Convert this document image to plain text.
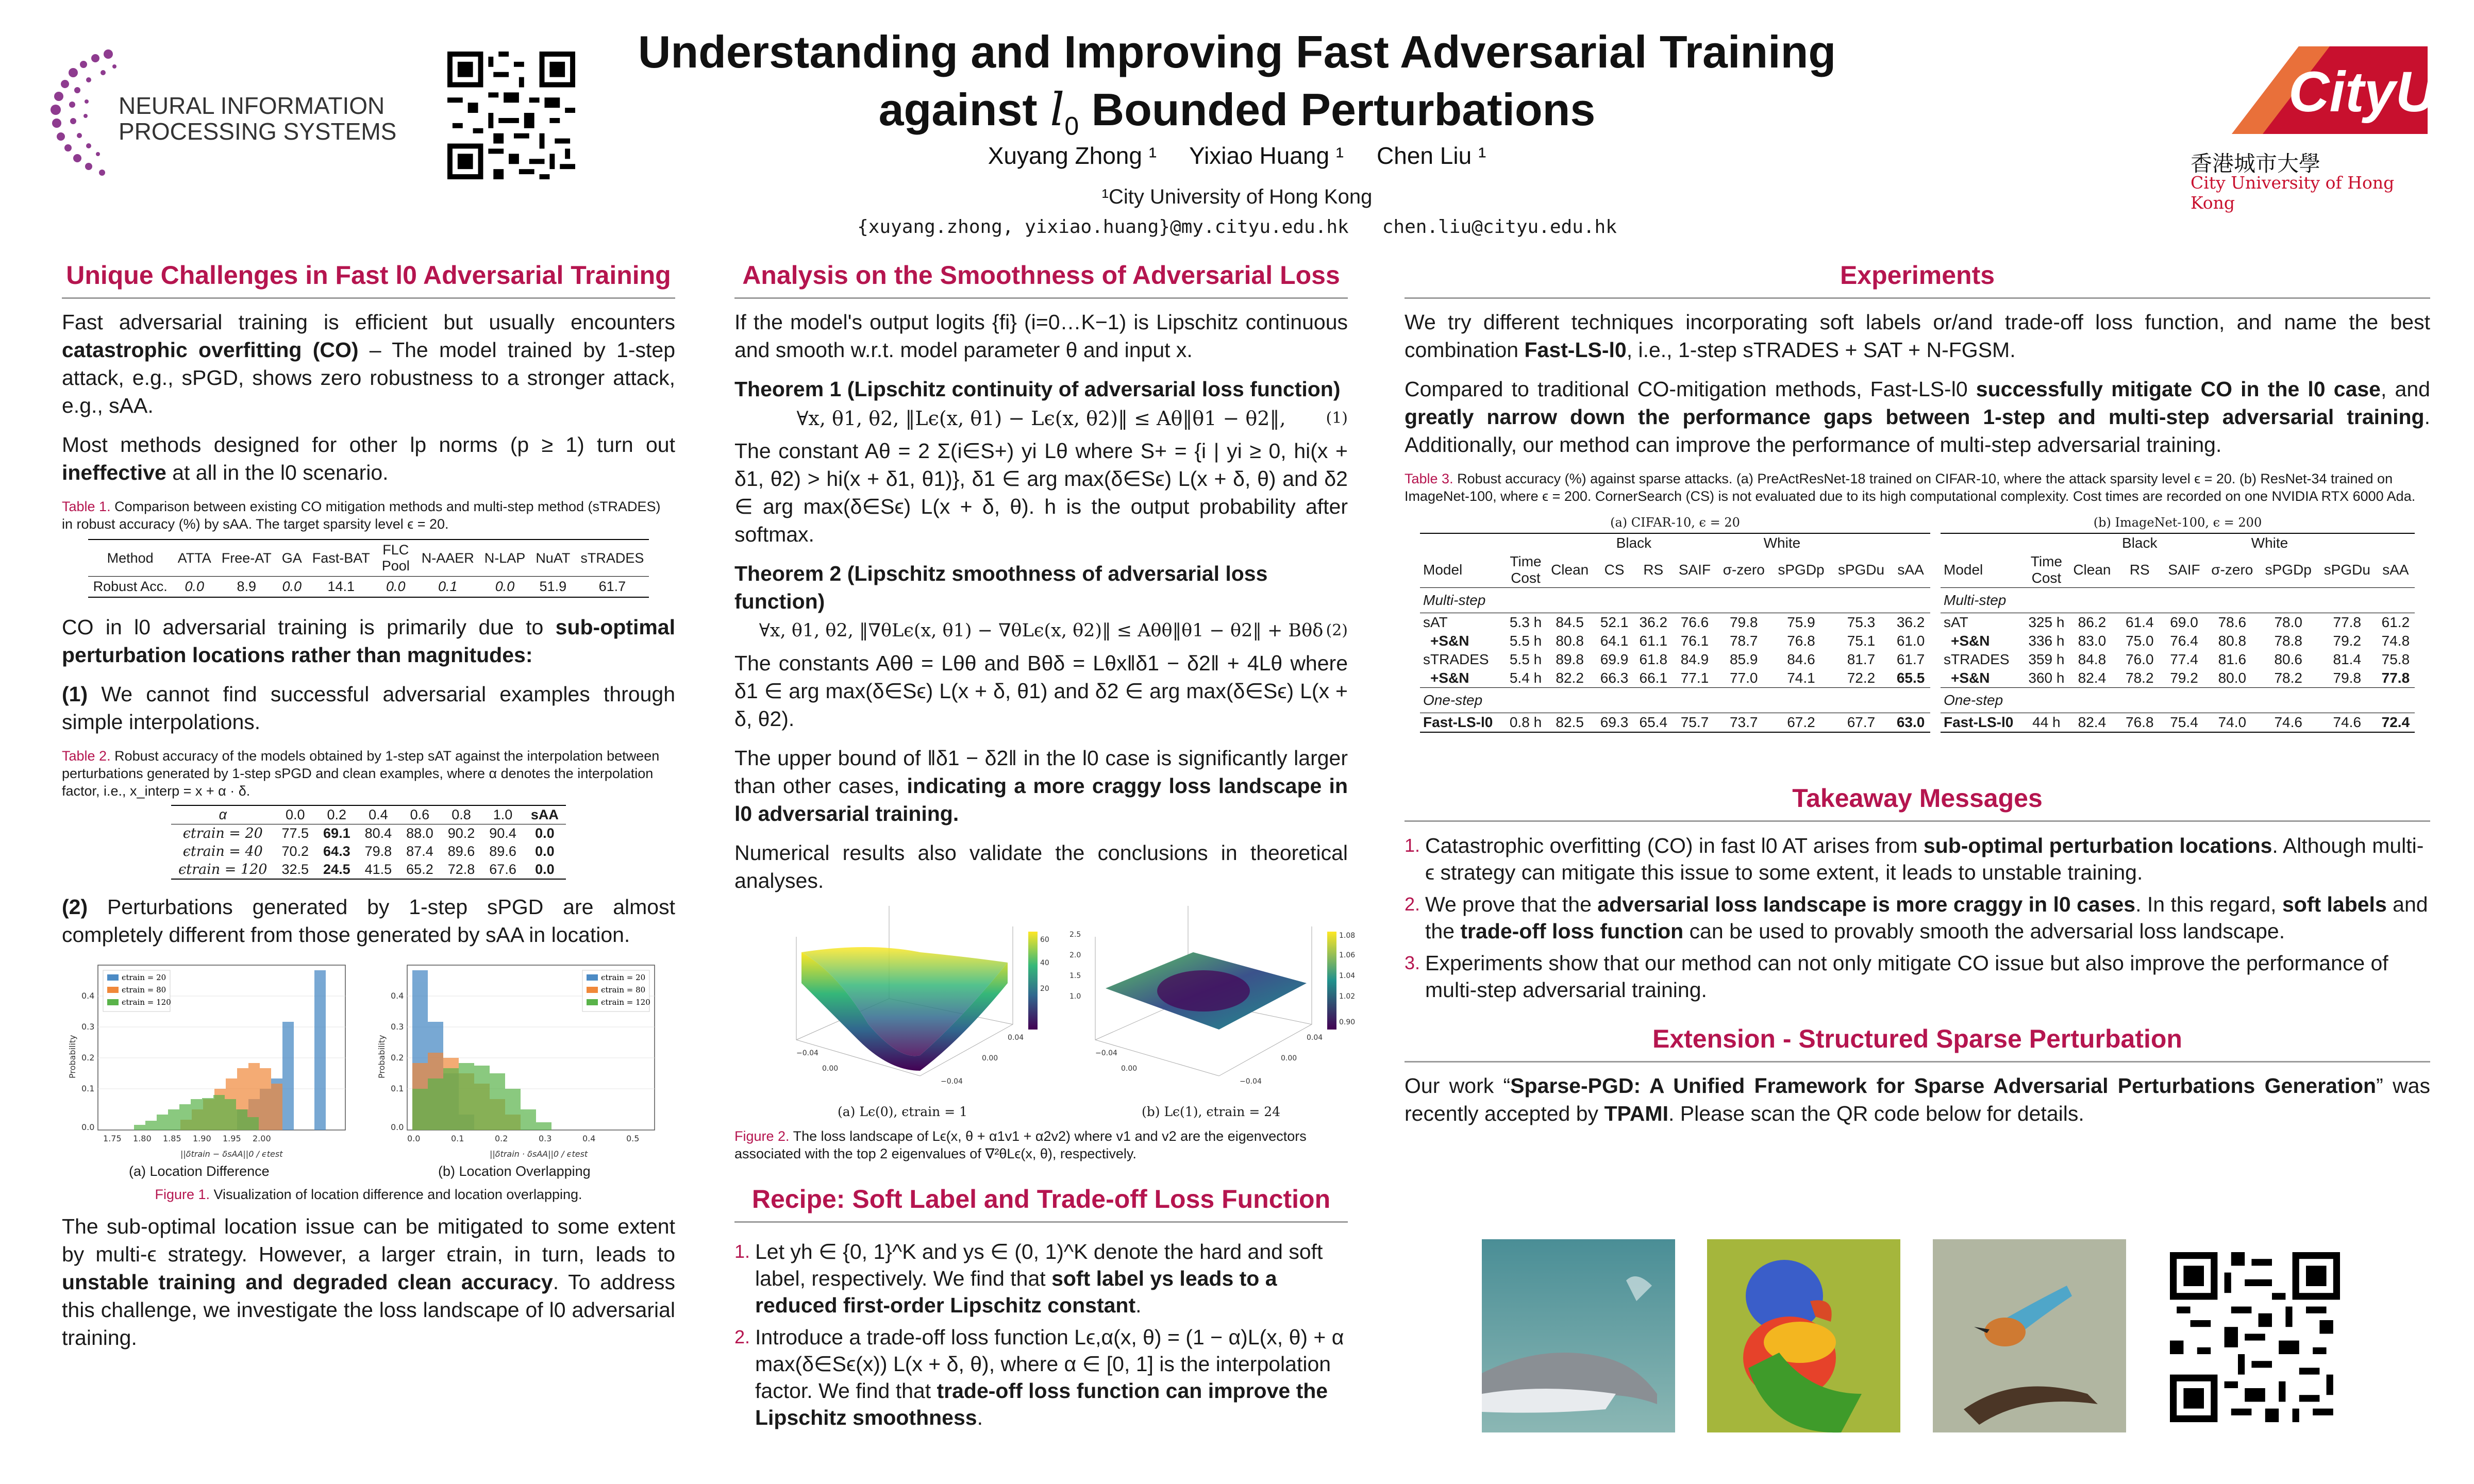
NEURAL INFORMATION
PROCESSING SYSTEMS
Understanding and Improving Fast Adversarial Training
against $l_0$ Bounded Perturbations
Xuyang Zhong ¹     Yixiao Huang ¹     Chen Liu ¹
¹City University of Hong Kong
{xuyang.zhong, yixiao.huang}@my.cityu.edu.hk   chen.liu@cityu.edu.hk
CityU
香港城市大學
City University of Hong Kong
Unique Challenges in Fast l0 Adversarial Training
Fast adversarial training is efficient but usually encounters catastrophic overfitting (CO) – The model trained by 1-step attack, e.g., sPGD, shows zero robustness to a stronger attack, e.g., sAA.
Most methods designed for other lp norms (p ≥ 1) turn out ineffective at all in the l0 scenario.
Table 1. Comparison between existing CO mitigation methods and multi-step method (sTRADES) in robust accuracy (%) by sAA. The target sparsity level ϵ = 20.
Method	ATTA	Free-AT	GA	Fast-BAT	FLC Pool	N-AAER	N-LAP	NuAT	sTRADES
Robust Acc.	0.0	8.9	0.0	14.1	0.0	0.1	0.0	51.9	61.7
CO in l0 adversarial training is primarily due to sub-optimal perturbation locations rather than magnitudes:
(1) We cannot find successful adversarial examples through simple interpolations.
Table 2. Robust accuracy of the models obtained by 1-step sAT against the interpolation between perturbations generated by 1-step sPGD and clean examples, where α denotes the interpolation factor, i.e., x_interp = x + α · δ.
α	0.0	0.2	0.4	0.6	0.8	1.0	sAA
ϵtrain = 20	77.5	69.1	80.4	88.0	90.2	90.4	0.0
ϵtrain = 40	70.2	64.3	79.8	87.4	89.6	89.6	0.0
ϵtrain = 120	32.5	24.5	41.5	65.2	72.8	67.6	0.0
(2) Perturbations generated by 1-step sPGD are almost completely different from those generated by sAA in location.
ϵtrain = 20
ϵtrain = 80
ϵtrain = 120
1.75 1.80 1.85 1.90 1.95 2.00
0.4
0.3
0.2
0.1
0.0
Probability
||δtrain − δsAA||0 / ϵtest
ϵtrain = 20
ϵtrain = 80
ϵtrain = 120
0.0	0.1	0.2	0.3	0.4	0.5
0.4
0.3
0.2
0.1
0.0
Probability
||δtrain · δsAA||0 / ϵtest
(a) Location Difference	(b) Location Overlapping
Figure 1. Visualization of location difference and location overlapping.
The sub-optimal location issue can be mitigated to some extent by multi-ϵ strategy. However, a larger ϵtrain, in turn, leads to unstable training and degraded clean accuracy. To address this challenge, we investigate the loss landscape of l0 adversarial training.
Analysis on the Smoothness of Adversarial Loss
If the model's output logits {fi} (i=0…K−1) is Lipschitz continuous and smooth w.r.t. model parameter θ and input x.
Theorem 1 (Lipschitz continuity of adversarial loss function)
∀x, θ1, θ2, ‖Lϵ(x, θ1) − Lϵ(x, θ2)‖ ≤ Aθ‖θ1 − θ2‖,	(1)
The constant Aθ = 2 Σ(i∈S+) yi Lθ where S+ = {i | yi ≥ 0, hi(x + δ1, θ2) > hi(x + δ1, θ1)}, δ1 ∈ arg max(δ∈Sϵ) L(x + δ, θ) and δ2 ∈ arg max(δ∈Sϵ) L(x + δ, θ). h is the output probability after softmax.
Theorem 2 (Lipschitz smoothness of adversarial loss function)
∀x, θ1, θ2, ‖∇θLϵ(x, θ1) − ∇θLϵ(x, θ2)‖ ≤ Aθθ‖θ1 − θ2‖ + Bθδ (2)
The constants Aθθ = Lθθ and Bθδ = Lθx‖δ1 − δ2‖ + 4Lθ where δ1 ∈ arg max(δ∈Sϵ) L(x + δ, θ1) and δ2 ∈ arg max(δ∈Sϵ) L(x + δ, θ2).
The upper bound of ‖δ1 − δ2‖ in the l0 case is significantly larger than other cases, indicating a more craggy loss landscape in l0 adversarial training.
Numerical results also validate the conclusions in theoretical analyses.
60
40
20
−0.04
0.00
−0.04
0.00
0.04
1.08
1.06
1.04
1.02
0.90
2.5
2.0
1.5
1.0
−0.04
0.00
−0.04
0.00
0.04
(a) Lϵ(0), ϵtrain = 1	(b) Lϵ(1), ϵtrain = 24
Figure 2. The loss landscape of Lϵ(x, θ + α1v1 + α2v2) where v1 and v2 are the eigenvectors associated with the top 2 eigenvalues of ∇²θLϵ(x, θ), respectively.
Recipe: Soft Label and Trade-off Loss Function
1. Let yh ∈ {0, 1}^K and ys ∈ (0, 1)^K denote the hard and soft label, respectively. We find that soft label ys leads to a reduced first-order Lipschitz constant.
2. Introduce a trade-off loss function Lϵ,α(x, θ) = (1 − α)L(x, θ) + α max(δ∈Sϵ(x)) L(x + δ, θ), where α ∈ [0, 1] is the interpolation factor. We find that trade-off loss function can improve the Lipschitz smoothness.
Experiments
We try different techniques incorporating soft labels or/and trade-off loss function, and name the best combination Fast-LS-l0, i.e., 1-step sTRADES + SAT + N-FGSM.
Compared to traditional CO-mitigation methods, Fast-LS-l0 successfully mitigate CO in the l0 case, and greatly narrow down the performance gaps between 1-step and multi-step adversarial training. Additionally, our method can improve the performance of multi-step adversarial training.
Table 3. Robust accuracy (%) against sparse attacks. (a) PreActResNet-18 trained on CIFAR-10, where the attack sparsity level ϵ = 20. (b) ResNet-34 trained on ImageNet-100, where ϵ = 200. CornerSearch (CS) is not evaluated due to its high computational complexity. Cost times are recorded on one NVIDIA RTX 6000 Ada.
(a) CIFAR-10, ϵ = 20
			Black		White				
Model	Time Cost	Clean	CS	RS	SAIF	σ-zero	sPGDp	sPGDu	sAA
Multi-step									
sAT	5.3 h	84.5	52.1	36.2	76.6	79.8	75.9	75.3	36.2
+S&N	5.5 h	80.8	64.1	61.1	76.1	78.7	76.8	75.1	61.0
sTRADES	5.5 h	89.8	69.9	61.8	84.9	85.9	84.6	81.7	61.7
+S&N	5.4 h	82.2	66.3	66.1	77.1	77.0	74.1	72.2	65.5
One-step									
Fast-LS-l0	0.8 h	82.5	69.3	65.4	75.7	73.7	67.2	67.7	63.0
(b) ImageNet-100, ϵ = 200
			Black	White				
Model	Time Cost	Clean	RS	SAIF	σ-zero	sPGDp	sPGDu	sAA
Multi-step								
sAT	325 h	86.2	61.4	69.0	78.6	78.0	77.8	61.2
+S&N	336 h	83.0	75.0	76.4	80.8	78.8	79.2	74.8
sTRADES	359 h	84.8	76.0	77.4	81.6	80.6	81.4	75.8
+S&N	360 h	82.4	78.2	79.2	80.0	78.2	79.8	77.8
One-step								
Fast-LS-l0	44 h	82.4	76.8	75.4	74.0	74.6	74.6	72.4
Takeaway Messages
1. Catastrophic overfitting (CO) in fast l0 AT arises from sub-optimal perturbation locations. Although multi-ϵ strategy can mitigate this issue to some extent, it leads to unstable training.
2. We prove that the adversarial loss landscape is more craggy in l0 cases. In this regard, soft labels and the trade-off loss function can be used to provably smooth the adversarial loss landscape.
3. Experiments show that our method can not only mitigate CO issue but also improve the performance of multi-step adversarial training.
Extension - Structured Sparse Perturbation
Our work “Sparse-PGD: A Unified Framework for Sparse Adversarial Perturbations Generation” was recently accepted by TPAMI. Please scan the QR code below for details.
